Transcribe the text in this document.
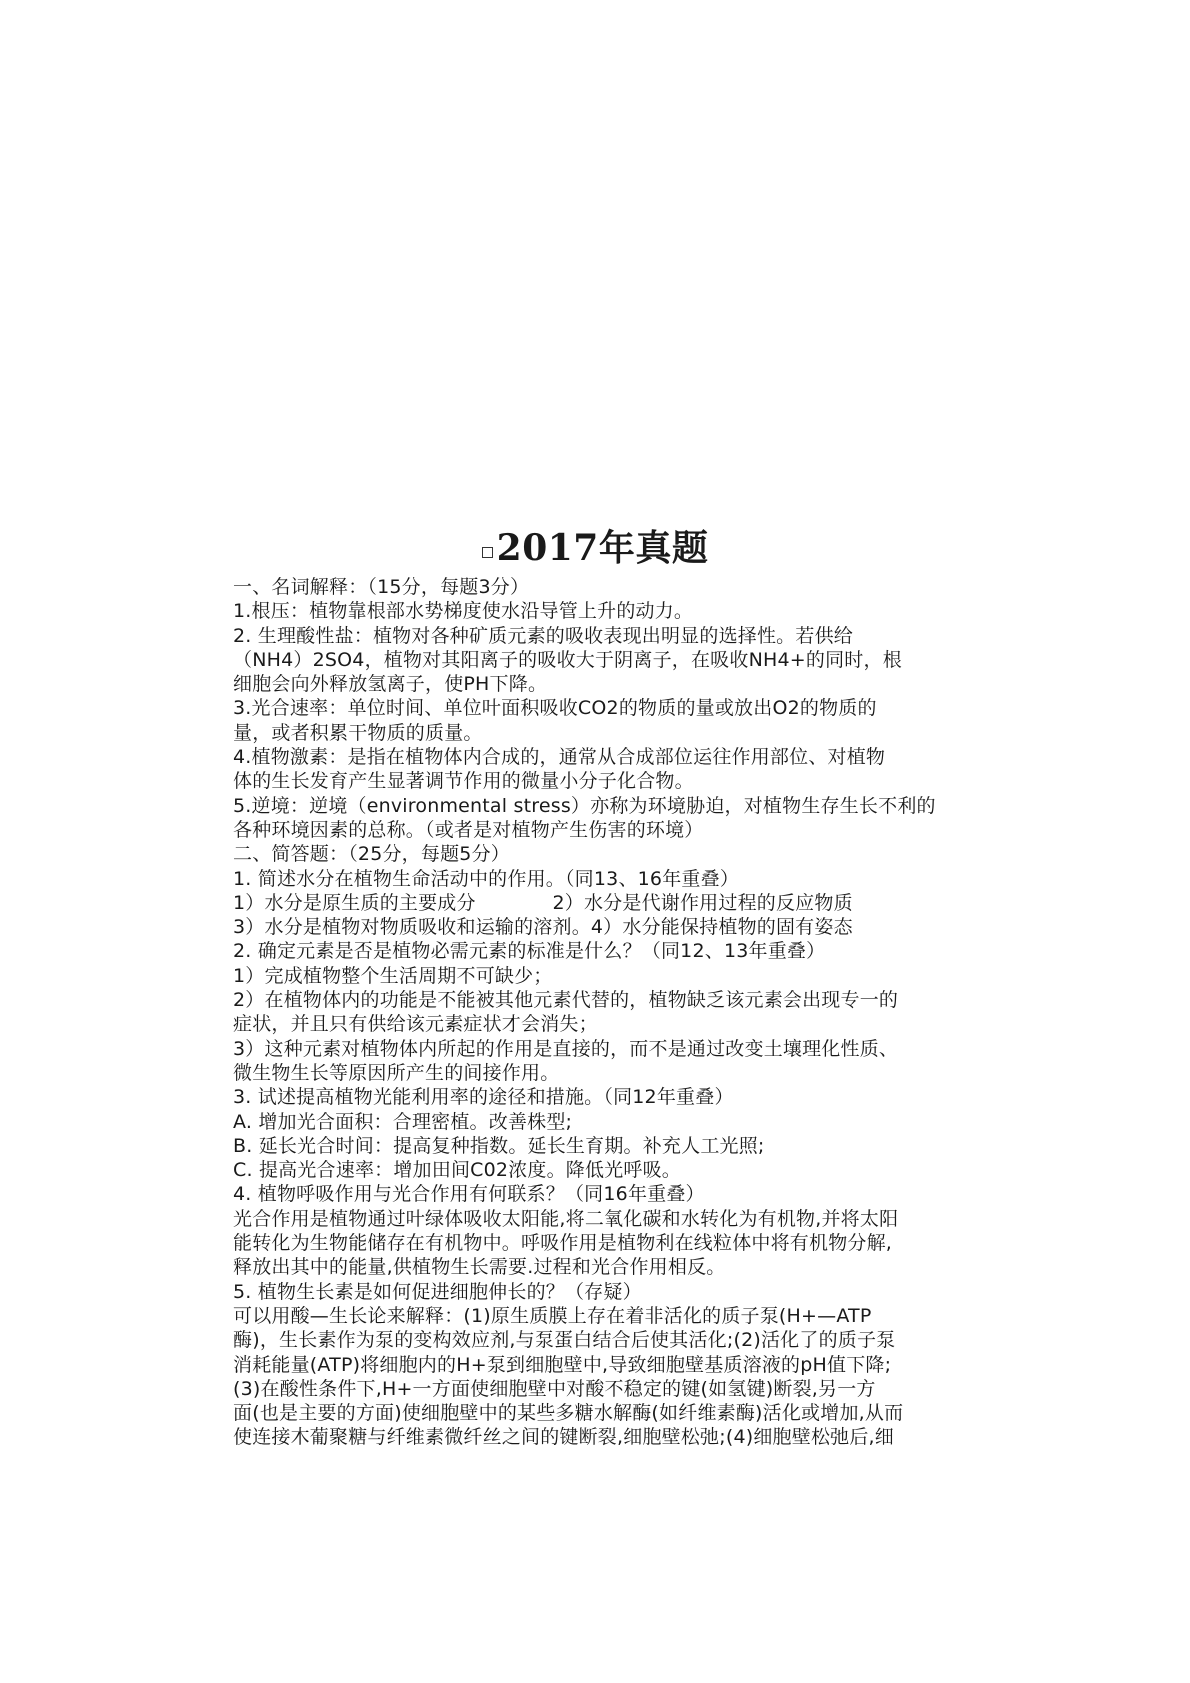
2017年真题
一、名词解释：（15分，每题3分）
1.根压：植物靠根部水势梯度使水沿导管上升的动力。
2. 生理酸性盐：植物对各种矿质元素的吸收表现出明显的选择性。若供给
（NH4）2SO4，植物对其阳离子的吸收大于阴离子，在吸收NH4+的同时，根
细胞会向外释放氢离子，使PH下降。
3.光合速率：单位时间、单位叶面积吸收CO2的物质的量或放出O2的物质的
量，或者积累干物质的质量。
4.植物激素：是指在植物体内合成的，通常从合成部位运往作用部位、对植物
体的生长发育产生显著调节作用的微量小分子化合物。
5.逆境：逆境（environmental stress）亦称为环境胁迫，对植物生存生长不利的
各种环境因素的总称。（或者是对植物产生伤害的环境）
二、简答题：（25分，每题5分）
1. 简述水分在植物生命活动中的作用。（同13、16年重叠）
1）水分是原生质的主要成分　　　　2）水分是代谢作用过程的反应物质
3）水分是植物对物质吸收和运输的溶剂。4）水分能保持植物的固有姿态
2. 确定元素是否是植物必需元素的标准是什么？（同12、13年重叠）
1）完成植物整个生活周期不可缺少；
2）在植物体内的功能是不能被其他元素代替的，植物缺乏该元素会出现专一的
症状，并且只有供给该元素症状才会消失；
3）这种元素对植物体内所起的作用是直接的，而不是通过改变土壤理化性质、
微生物生长等原因所产生的间接作用。
3. 试述提高植物光能利用率的途径和措施。（同12年重叠）
A. 增加光合面积：合理密植。改善株型;
B. 延长光合时间：提高复种指数。延长生育期。补充人工光照;
C. 提高光合速率：增加田间C02浓度。降低光呼吸。
4. 植物呼吸作用与光合作用有何联系？（同16年重叠）
光合作用是植物通过叶绿体吸收太阳能,将二氧化碳和水转化为有机物,并将太阳
能转化为生物能储存在有机物中。呼吸作用是植物利在线粒体中将有机物分解,
释放出其中的能量,供植物生长需要.过程和光合作用相反。
5. 植物生长素是如何促进细胞伸长的？（存疑）
可以用酸—生长论来解释：(1)原生质膜上存在着非活化的质子泵(H+—ATP
酶)，生长素作为泵的变构效应剂,与泵蛋白结合后使其活化;(2)活化了的质子泵
消耗能量(ATP)将细胞内的H+泵到细胞壁中,导致细胞壁基质溶液的pH值下降;
(3)在酸性条件下,H+一方面使细胞壁中对酸不稳定的键(如氢键)断裂,另一方
面(也是主要的方面)使细胞壁中的某些多糖水解酶(如纤维素酶)活化或增加,从而
使连接木葡聚糖与纤维素微纤丝之间的键断裂,细胞壁松弛;(4)细胞壁松弛后,细
